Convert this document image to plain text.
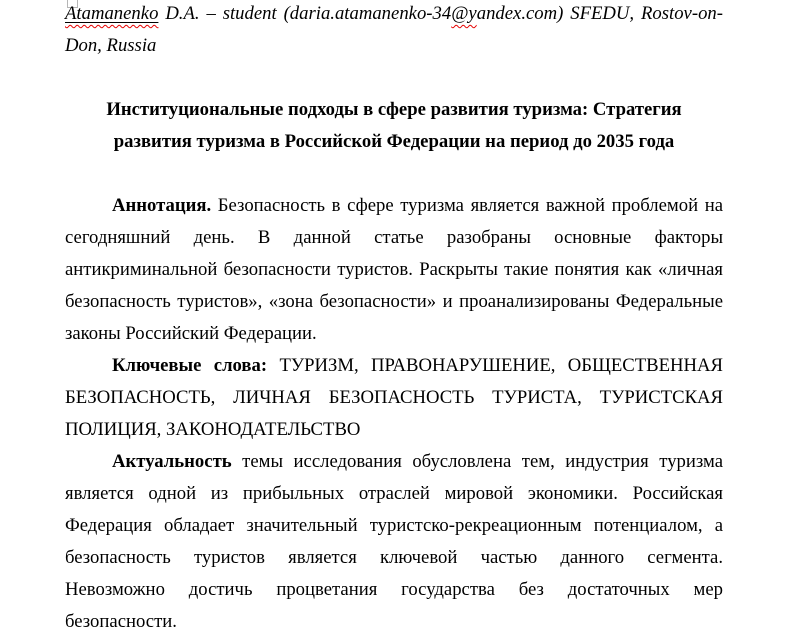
Atamanenko D.A. – student (daria.atamanenko-34@yandex.com) SFEDU, Rostov-on-
Don, Russia
Институциональные подходы в сфере развития туризма: Стратегия
развития туризма в Российской Федерации на период до 2035 года
Аннотация. Безопасность в сфере туризма является важной проблемой на
сегодняшний день. В данной статье разобраны основные факторы
антикриминальной безопасности туристов. Раскрыты такие понятия как «личная
безопасность туристов», «зона безопасности» и проанализированы Федеральные
законы Российский Федерации.
Ключевые слова: ТУРИЗМ, ПРАВОНАРУШЕНИЕ, ОБЩЕСТВЕННАЯ
БЕЗОПАСНОСТЬ, ЛИЧНАЯ БЕЗОПАСНОСТЬ ТУРИСТА, ТУРИСТСКАЯ
ПОЛИЦИЯ, ЗАКОНОДАТЕЛЬСТВО
Актуальность темы исследования обусловлена тем, индустрия туризма
является одной из прибыльных отраслей мировой экономики. Российская
Федерация обладает значительный туристско-рекреационным потенциалом, а
безопасность туристов является ключевой частью данного сегмента.
Невозможно достичь процветания государства без достаточных мер
безопасности.
